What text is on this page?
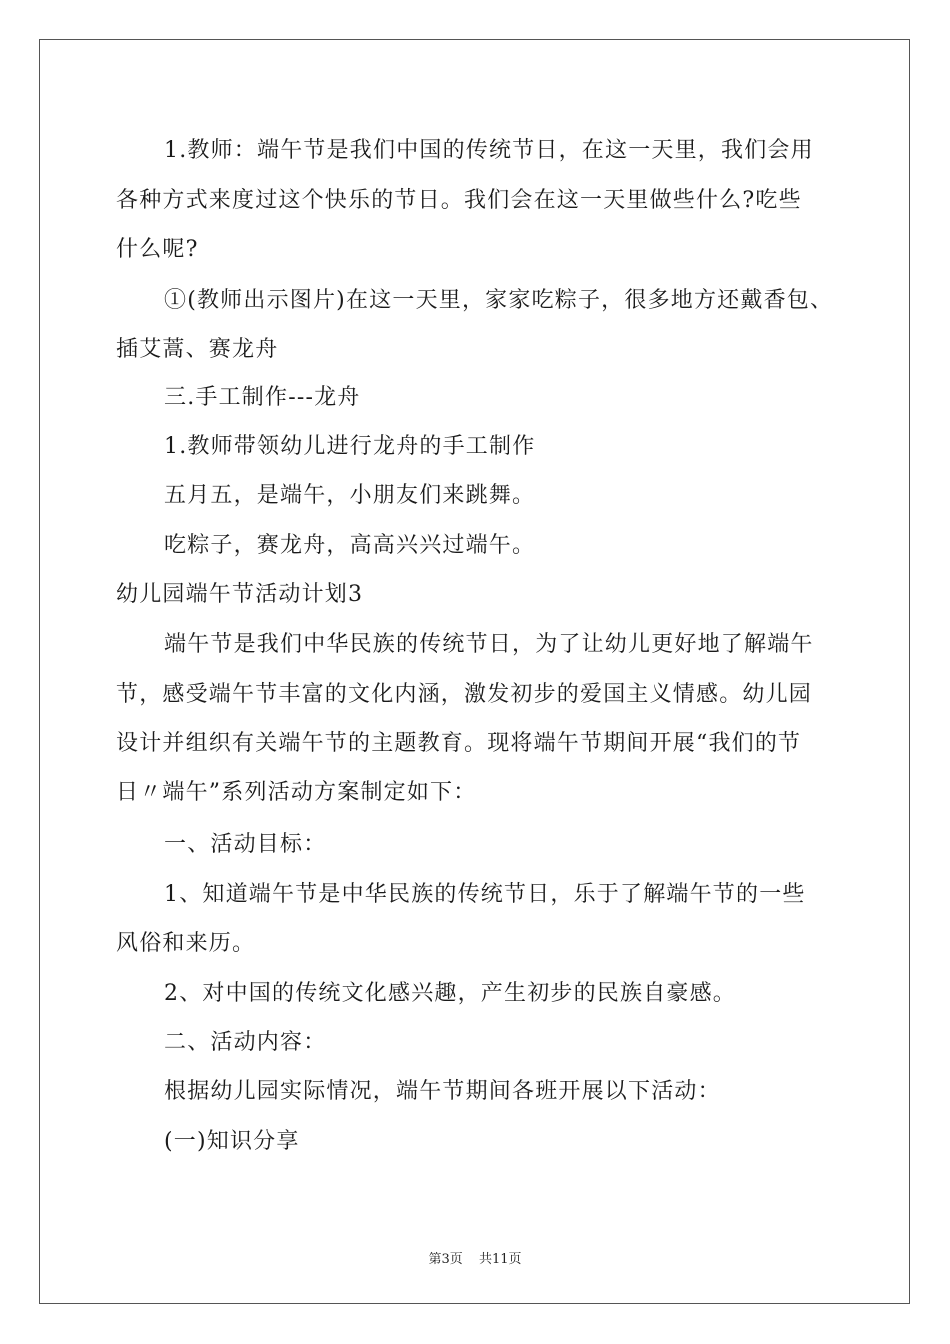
1.教师：端午节是我们中国的传统节日，在这一天里，我们会用
各种方式来度过这个快乐的节日。我们会在这一天里做些什么?吃些
什么呢?
①(教师出示图片)在这一天里，家家吃粽子，很多地方还戴香包、
插艾蒿、赛龙舟
三.手工制作---龙舟
1.教师带领幼儿进行龙舟的手工制作
五月五，是端午，小朋友们来跳舞。
吃粽子，赛龙舟，高高兴兴过端午。
幼儿园端午节活动计划3
端午节是我们中华民族的传统节日，为了让幼儿更好地了解端午
节，感受端午节丰富的文化内涵，激发初步的爱国主义情感。幼儿园
设计并组织有关端午节的主题教育。现将端午节期间开展“我们的节
日〃端午”系列活动方案制定如下：
一、活动目标：
1、知道端午节是中华民族的传统节日，乐于了解端午节的一些
风俗和来历。
2、对中国的传统文化感兴趣，产生初步的民族自豪感。
二、活动内容：
根据幼儿园实际情况，端午节期间各班开展以下活动：
(一)知识分享
第3页 共11页
